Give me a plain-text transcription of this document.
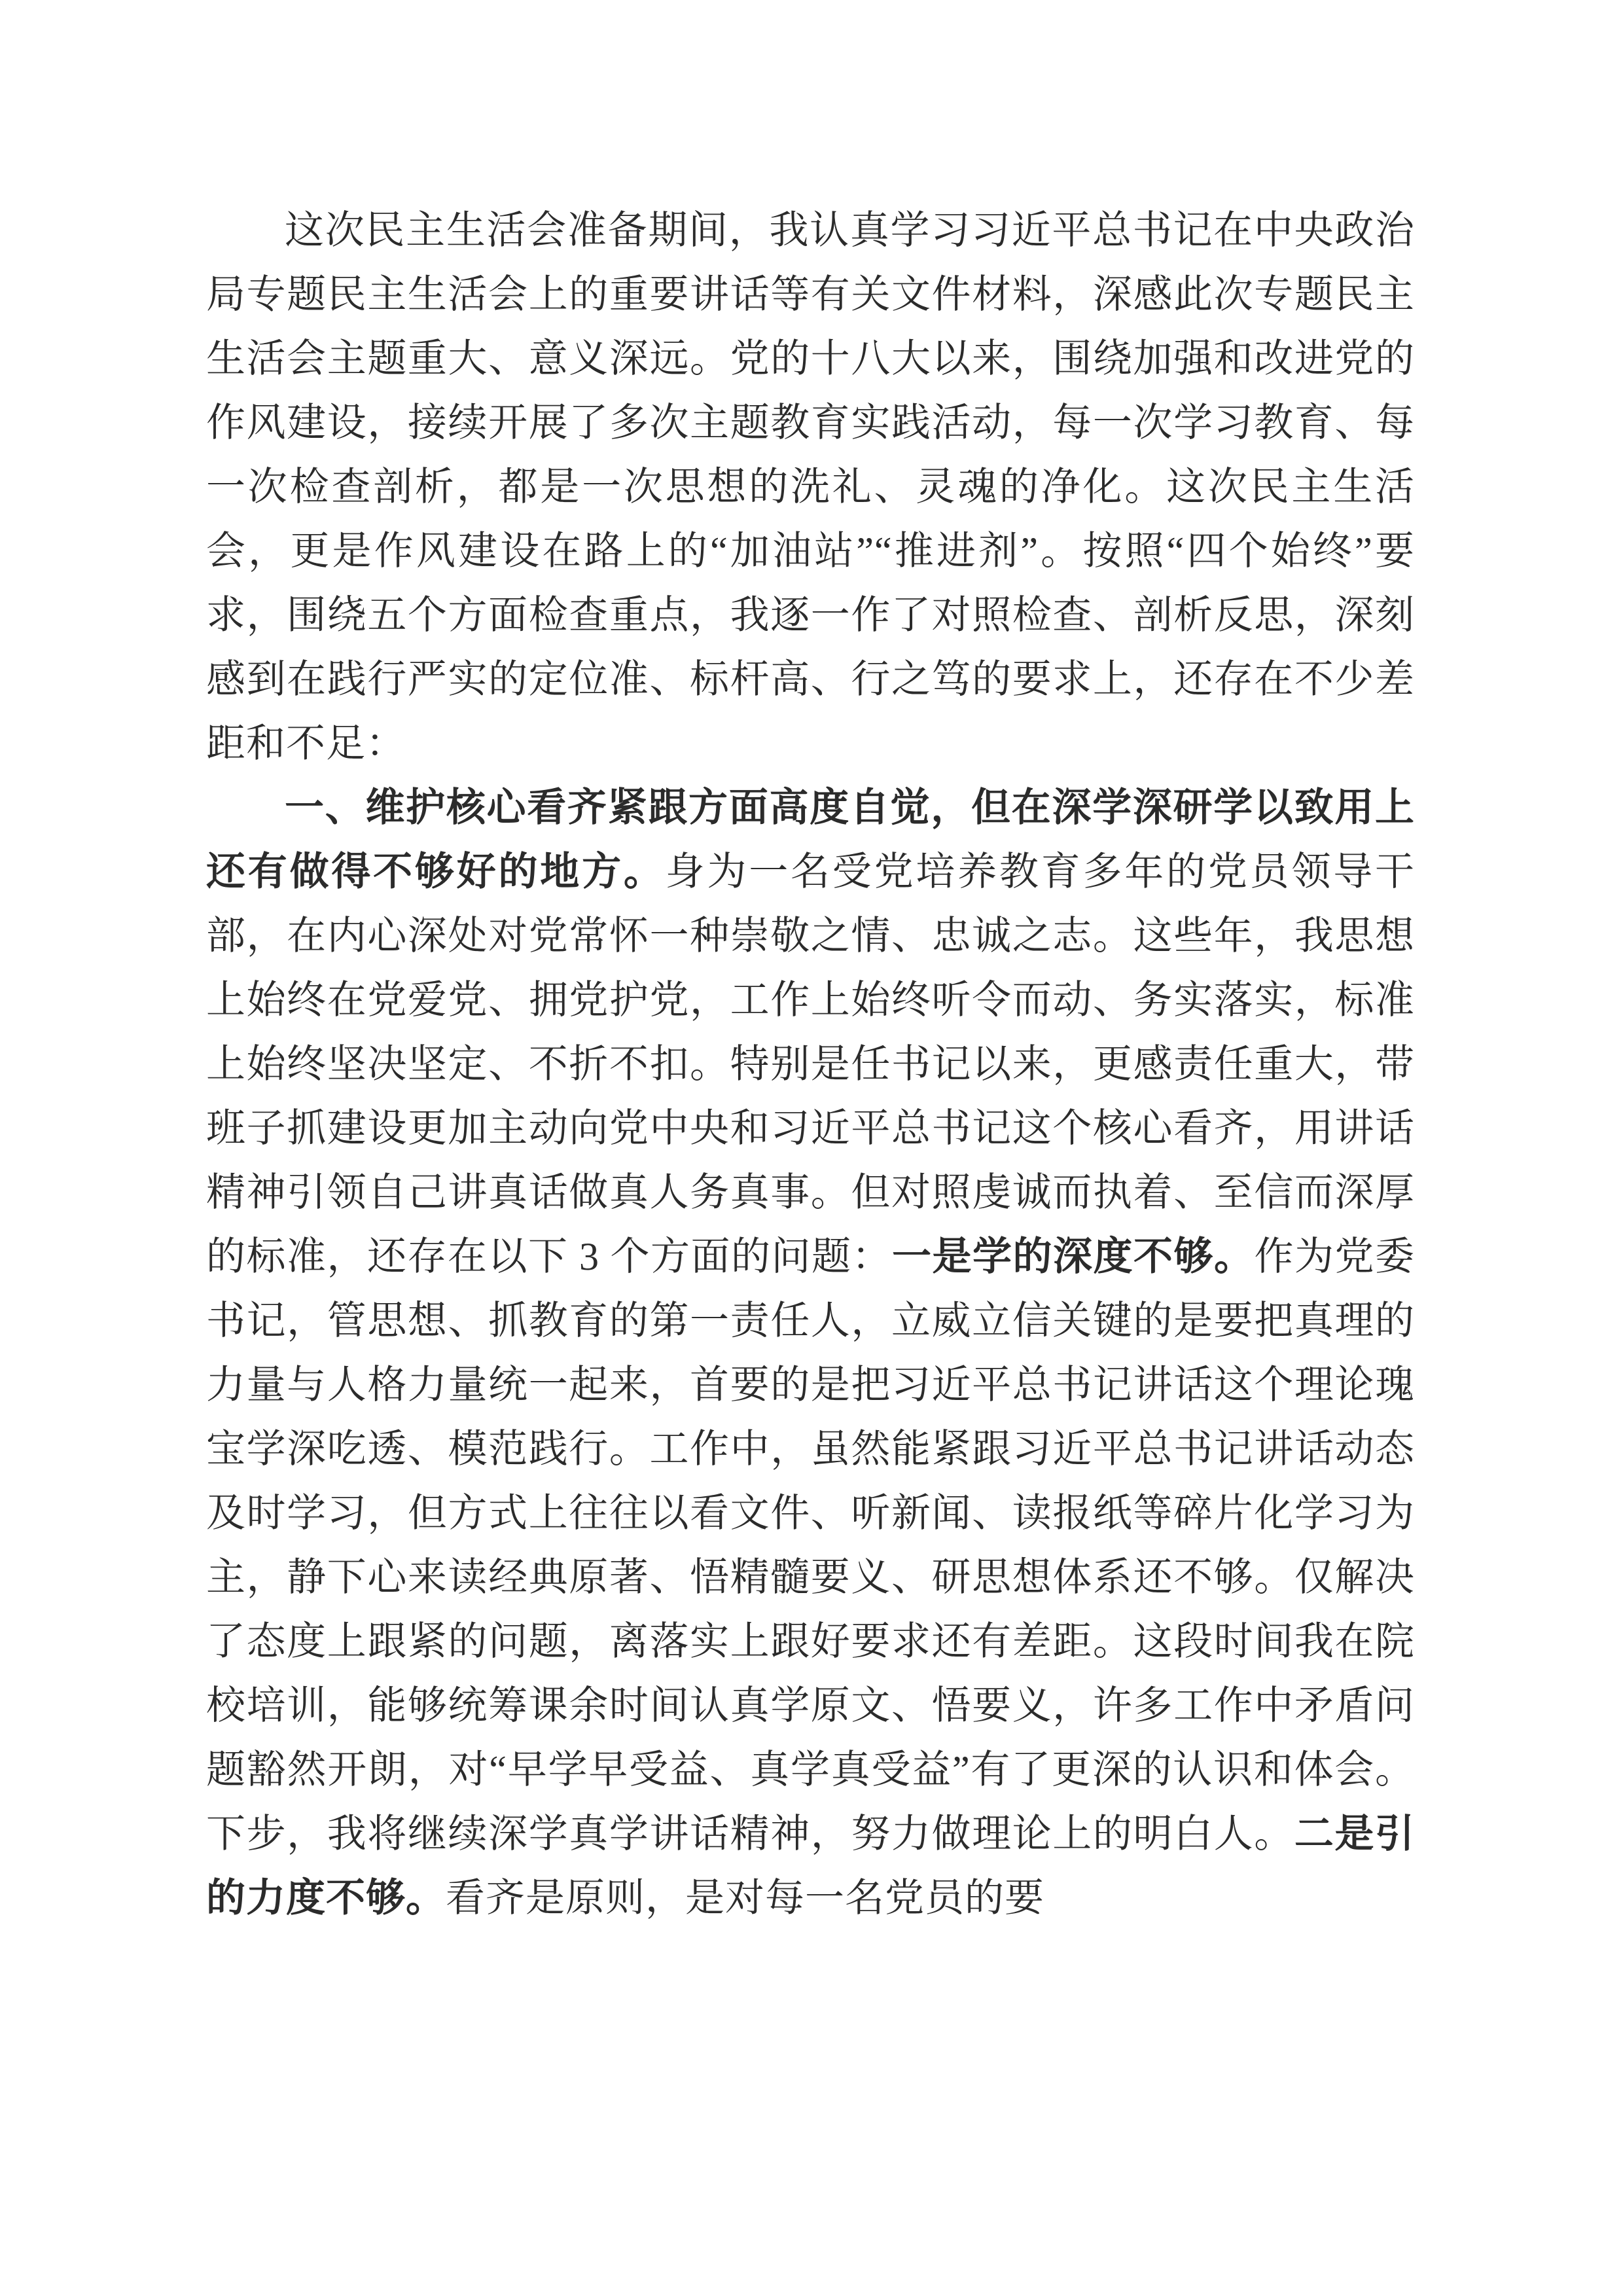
这次民主生活会准备期间，我认真学习习近平总书记在中央政治局专题民主生活会上的重要讲话等有关文件材料，深感此次专题民主生活会主题重大、意义深远。党的十八大以来，围绕加强和改进党的作风建设，接续开展了多次主题教育实践活动，每一次学习教育、每一次检查剖析，都是一次思想的洗礼、灵魂的净化。这次民主生活会，更是作风建设在路上的“加油站”“推进剂”。按照“四个始终”要求，围绕五个方面检查重点，我逐一作了对照检查、剖析反思，深刻感到在践行严实的定位准、标杆高、行之笃的要求上，还存在不少差距和不足：

一、维护核心看齐紧跟方面高度自觉，但在深学深研学以致用上还有做得不够好的地方。身为一名受党培养教育多年的党员领导干部，在内心深处对党常怀一种崇敬之情、忠诚之志。这些年，我思想上始终在党爱党、拥党护党，工作上始终听令而动、务实落实，标准上始终坚决坚定、不折不扣。特别是任书记以来，更感责任重大，带班子抓建设更加主动向党中央和习近平总书记这个核心看齐，用讲话精神引领自己讲真话做真人务真事。但对照虔诚而执着、至信而深厚的标准，还存在以下 3 个方面的问题：一是学的深度不够。作为党委书记，管思想、抓教育的第一责任人，立威立信关键的是要把真理的力量与人格力量统一起来，首要的是把习近平总书记讲话这个理论瑰宝学深吃透、模范践行。工作中，虽然能紧跟习近平总书记讲话动态及时学习，但方式上往往以看文件、听新闻、读报纸等碎片化学习为主，静下心来读经典原著、悟精髓要义、研思想体系还不够。仅解决了态度上跟紧的问题，离落实上跟好要求还有差距。这段时间我在院校培训，能够统筹课余时间认真学原文、悟要义，许多工作中矛盾问题豁然开朗，对“早学早受益、真学真受益”有了更深的认识和体会。下步，我将继续深学真学讲话精神，努力做理论上的明白人。二是引的力度不够。看齐是原则，是对每一名党员的要
